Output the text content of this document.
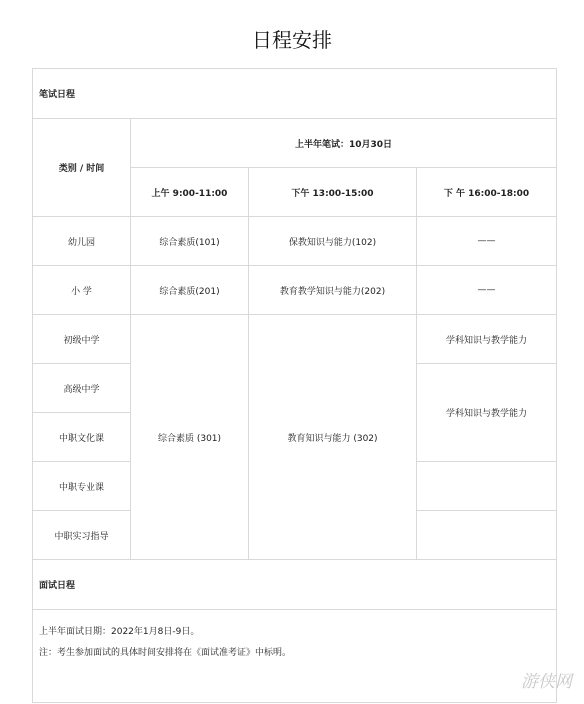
日程安排
笔试日程			
类别 / 时间	上半年笔试：10月30日		
	上午 9:00-11:00	下午 13:00-15:00	下 午 16:00-18:00
幼儿园	综合素质(101)	保教知识与能力(102)	——
小 学	综合素质(201)	教育教学知识与能力(202)	——
初级中学	综合素质 (301)	教育知识与能力 (302)	学科知识与教学能力
高级中学			学科知识与教学能力
中职文化课			
中职专业课			
中职实习指导			
面试日程			

上半年面试日期：2022年1月8日-9日。
注：考生参加面试的具体时间安排将在《面试准考证》中标明。			
游侠网
